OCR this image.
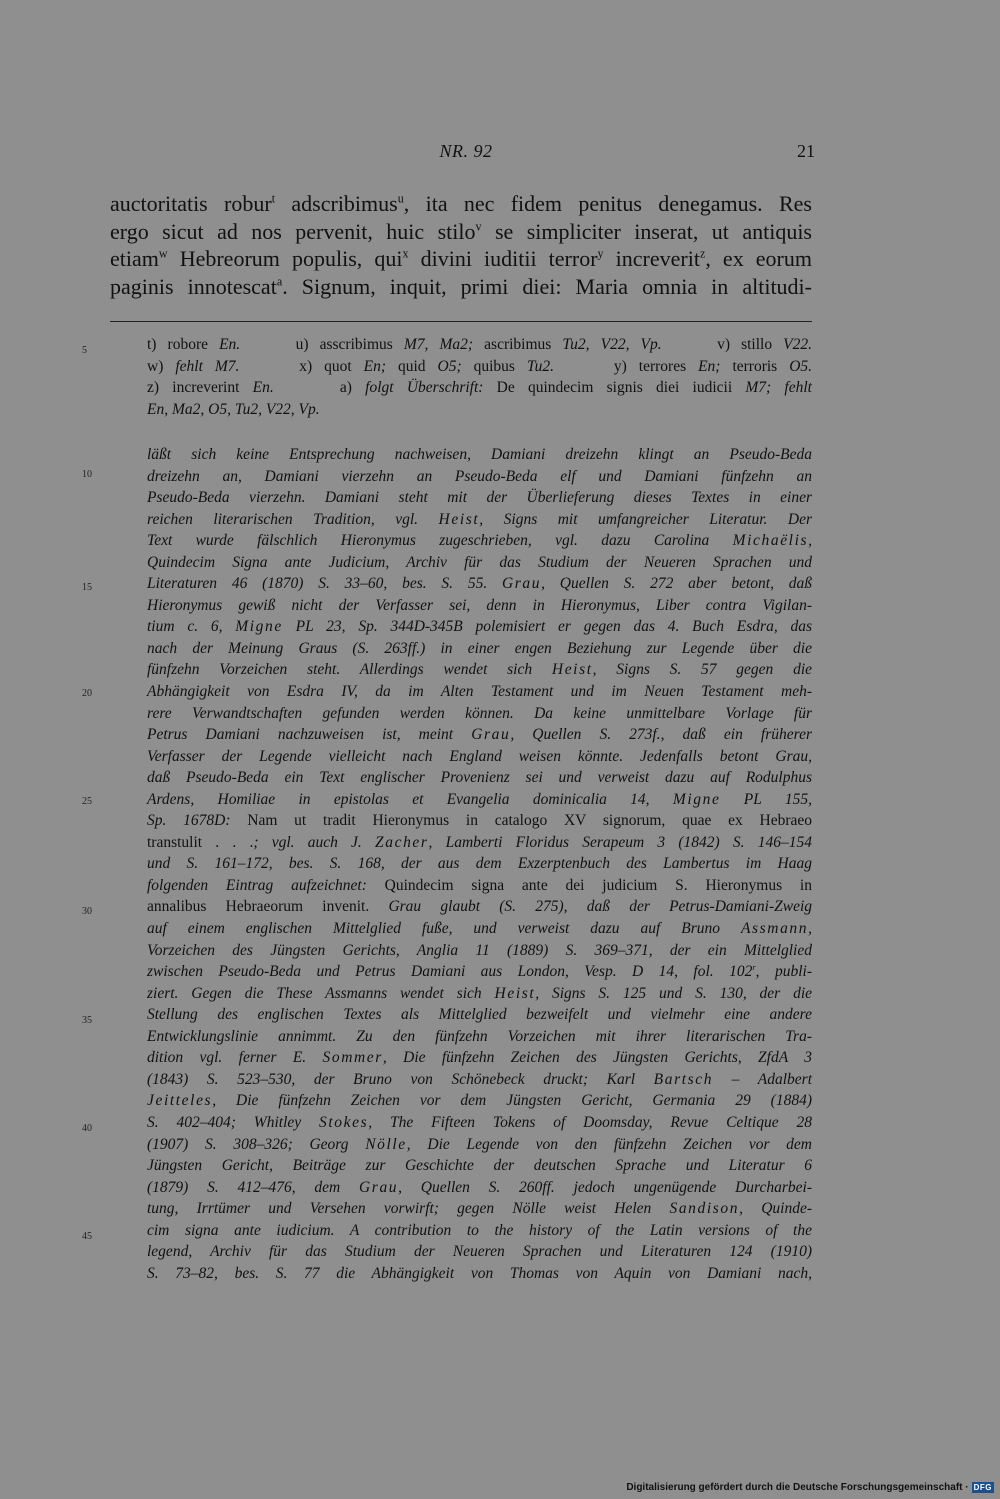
NR. 92	21
auctoritatis robur$^t$ adscribimus$^u$, ita nec fidem penitus denegamus. Res
ergo sicut ad nos pervenit, huic stilo$^v$ se simpliciter inserat, ut antiquis
etiam$^w$ Hebreorum populis, qui$^x$ divini iuditii terror$^y$ increverit$^z$, ex eorum
paginis innotescat$^a$. Signum, inquit, primi diei: Maria omnia in altitudi-
5
10
15
20
25
30
35
40
45
t) robore En.     u) asscribimus M7, Ma2; ascribimus Tu2, V22, Vp.     v) stillo V22.
w) fehlt M7.     x) quot En; quid O5; quibus Tu2.     y) terrores En; terroris O5.
z) increverint En.     a) folgt Überschrift: De quindecim signis diei iudicii M7; fehlt
En, Ma2, O5, Tu2, V22, Vp.
läßt sich keine Entsprechung nachweisen, Damiani dreizehn klingt an Pseudo-Beda
dreizehn an, Damiani vierzehn an Pseudo-Beda elf und Damiani fünfzehn an
Pseudo-Beda vierzehn. Damiani steht mit der Überlieferung dieses Textes in einer
reichen literarischen Tradition, vgl. Heist, Signs mit umfangreicher Literatur. Der
Text wurde fälschlich Hieronymus zugeschrieben, vgl. dazu Carolina Michaëlis,
Quindecim Signa ante Judicium, Archiv für das Studium der Neueren Sprachen und
Literaturen 46 (1870) S. 33–60, bes. S. 55. Grau, Quellen S. 272 aber betont, daß
Hieronymus gewiß nicht der Verfasser sei, denn in Hieronymus, Liber contra Vigilan-
tium c. 6, Migne PL 23, Sp. 344D-345B polemisiert er gegen das 4. Buch Esdra, das
nach der Meinung Graus (S. 263ff.) in einer engen Beziehung zur Legende über die
fünfzehn Vorzeichen steht. Allerdings wendet sich Heist, Signs S. 57 gegen die
Abhängigkeit von Esdra IV, da im Alten Testament und im Neuen Testament meh-
rere Verwandtschaften gefunden werden können. Da keine unmittelbare Vorlage für
Petrus Damiani nachzuweisen ist, meint Grau, Quellen S. 273f., daß ein früherer
Verfasser der Legende vielleicht nach England weisen könnte. Jedenfalls betont Grau,
daß Pseudo-Beda ein Text englischer Provenienz sei und verweist dazu auf Rodulphus
Ardens, Homiliae in epistolas et Evangelia dominicalia 14, Migne PL 155,
Sp. 1678D: Nam ut tradit Hieronymus in catalogo XV signorum, quae ex Hebraeo
transtulit . . .; vgl. auch J. Zacher, Lamberti Floridus Serapeum 3 (1842) S. 146–154
und S. 161–172, bes. S. 168, der aus dem Exzerptenbuch des Lambertus im Haag
folgenden Eintrag aufzeichnet: Quindecim signa ante dei judicium S. Hieronymus in
annalibus Hebraeorum invenit. Grau glaubt (S. 275), daß der Petrus-Damiani-Zweig
auf einem englischen Mittelglied fuße, und verweist dazu auf Bruno Assmann,
Vorzeichen des Jüngsten Gerichts, Anglia 11 (1889) S. 369–371, der ein Mittelglied
zwischen Pseudo-Beda und Petrus Damiani aus London, Vesp. D 14, fol. 102$^r$, publi-
ziert. Gegen die These Assmanns wendet sich Heist, Signs S. 125 und S. 130, der die
Stellung des englischen Textes als Mittelglied bezweifelt und vielmehr eine andere
Entwicklungslinie annimmt. Zu den fünfzehn Vorzeichen mit ihrer literarischen Tra-
dition vgl. ferner E. Sommer, Die fünfzehn Zeichen des Jüngsten Gerichts, ZfdA 3
(1843) S. 523–530, der Bruno von Schönebeck druckt; Karl Bartsch – Adalbert
Jeitteles, Die fünfzehn Zeichen vor dem Jüngsten Gericht, Germania 29 (1884)
S. 402–404; Whitley Stokes, The Fifteen Tokens of Doomsday, Revue Celtique 28
(1907) S. 308–326; Georg Nölle, Die Legende von den fünfzehn Zeichen vor dem
Jüngsten Gericht, Beiträge zur Geschichte der deutschen Sprache und Literatur 6
(1879) S. 412–476, dem Grau, Quellen S. 260ff. jedoch ungenügende Durcharbei-
tung, Irrtümer und Versehen vorwirft; gegen Nölle weist Helen Sandison, Quinde-
cim signa ante iudicium. A contribution to the history of the Latin versions of the
legend, Archiv für das Studium der Neueren Sprachen und Literaturen 124 (1910)
S. 73–82, bes. S. 77 die Abhängigkeit von Thomas von Aquin von Damiani nach,
Digitalisierung gefördert durch die Deutsche Forschungsgemeinschaft · DFG
